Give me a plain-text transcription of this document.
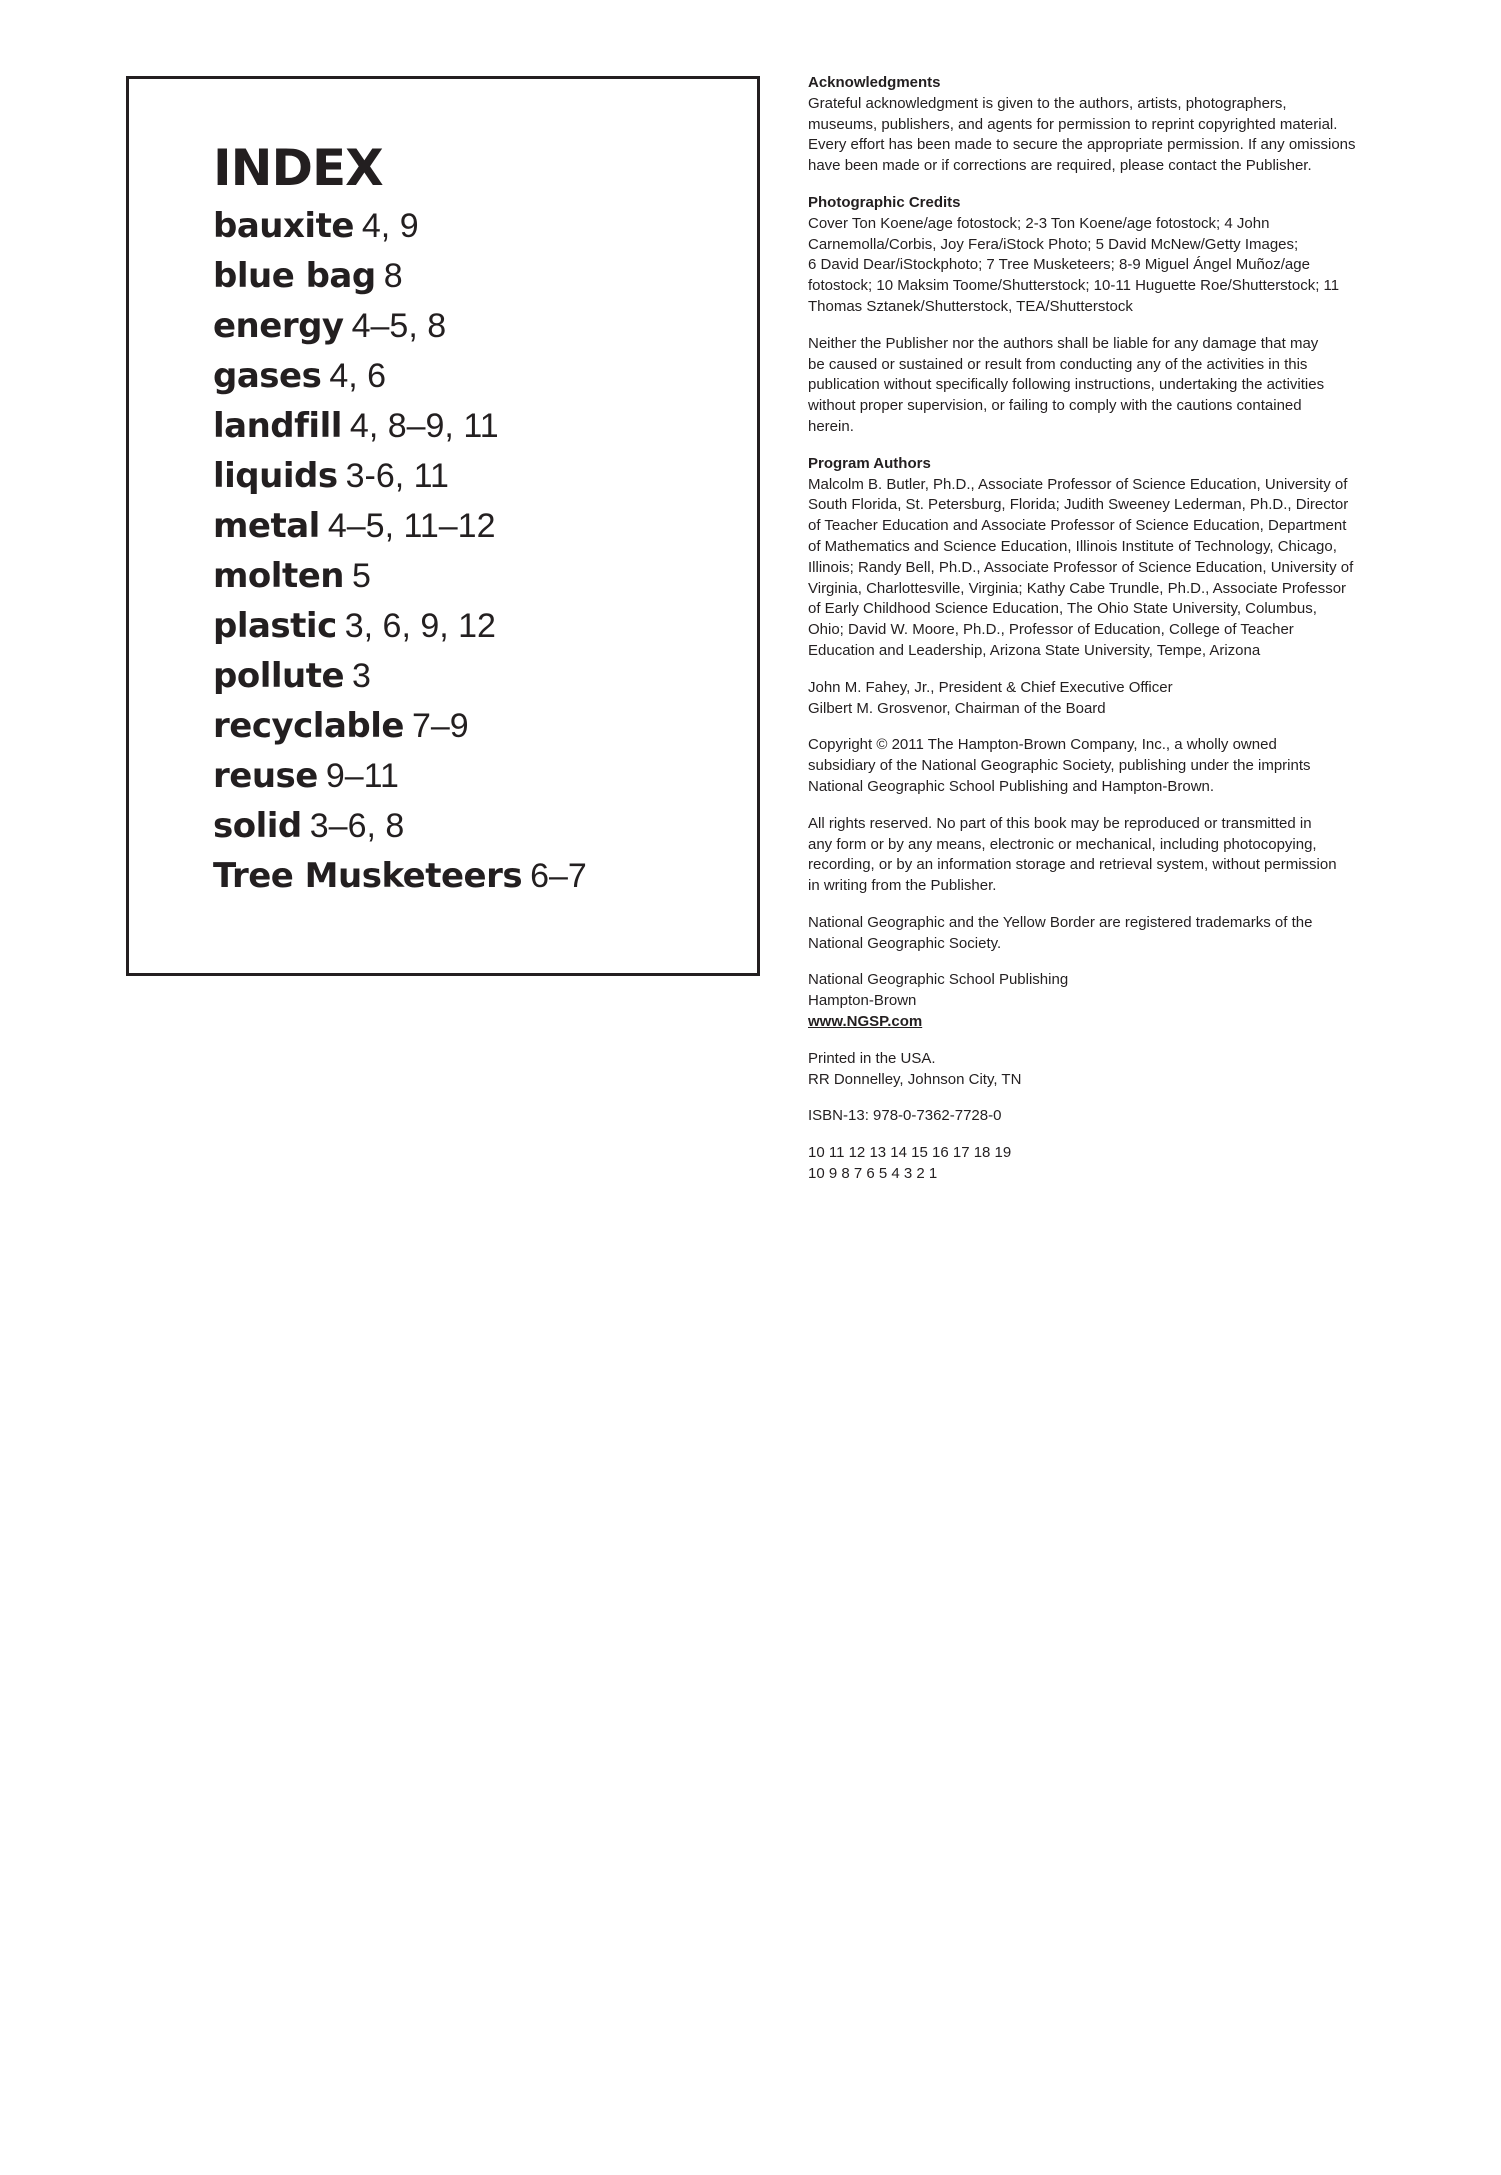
INDEX
bauxite 4, 9
blue bag 8
energy 4–5, 8
gases 4, 6
landfill 4, 8–9, 11
liquids 3-6, 11
metal 4–5, 11–12
molten 5
plastic 3, 6, 9, 12
pollute 3
recyclable 7–9
reuse 9–11
solid 3–6, 8
Tree Musketeers 6–7
Acknowledgments

Grateful acknowledgment is given to the authors, artists, photographers,

museums, publishers, and agents for permission to reprint copyrighted material.

Every effort has been made to secure the appropriate permission. If any omissions

have been made or if corrections are required, please contact the Publisher.

Photographic Credits

Cover Ton Koene/age fotostock; 2-3 Ton Koene/age fotostock; 4 John

Carnemolla/Corbis, Joy Fera/iStock Photo; 5 David McNew/Getty Images;

6 David Dear/iStockphoto; 7 Tree Musketeers; 8-9 Miguel Ángel Muñoz/age

fotostock; 10 Maksim Toome/Shutterstock; 10-11 Huguette Roe/Shutterstock; 11

Thomas Sztanek/Shutterstock, TEA/Shutterstock

Neither the Publisher nor the authors shall be liable for any damage that may

be caused or sustained or result from conducting any of the activities in this

publication without specifically following instructions, undertaking the activities

without proper supervision, or failing to comply with the cautions contained

herein.

Program Authors

Malcolm B. Butler, Ph.D., Associate Professor of Science Education, University of

South Florida, St. Petersburg, Florida; Judith Sweeney Lederman, Ph.D., Director

of Teacher Education and Associate Professor of Science Education, Department

of Mathematics and Science Education, Illinois Institute of Technology, Chicago,

Illinois; Randy Bell, Ph.D., Associate Professor of Science Education, University of

Virginia, Charlottesville, Virginia; Kathy Cabe Trundle, Ph.D., Associate Professor

of Early Childhood Science Education, The Ohio State University, Columbus,

Ohio; David W. Moore, Ph.D., Professor of Education, College of Teacher

Education and Leadership, Arizona State University, Tempe, Arizona

John M. Fahey, Jr., President & Chief Executive Officer

Gilbert M. Grosvenor, Chairman of the Board

Copyright © 2011 The Hampton-Brown Company, Inc., a wholly owned

subsidiary of the National Geographic Society, publishing under the imprints

National Geographic School Publishing and Hampton-Brown.

All rights reserved. No part of this book may be reproduced or transmitted in

any form or by any means, electronic or mechanical, including photocopying,

recording, or by an information storage and retrieval system, without permission

in writing from the Publisher.

National Geographic and the Yellow Border are registered trademarks of the

National Geographic Society.

National Geographic School Publishing

Hampton-Brown

www.NGSP.com

Printed in the USA.

RR Donnelley, Johnson City, TN

ISBN-13: 978-0-7362-7728-0

10 11 12 13 14 15 16 17 18 19

10 9 8 7 6 5 4 3 2 1
